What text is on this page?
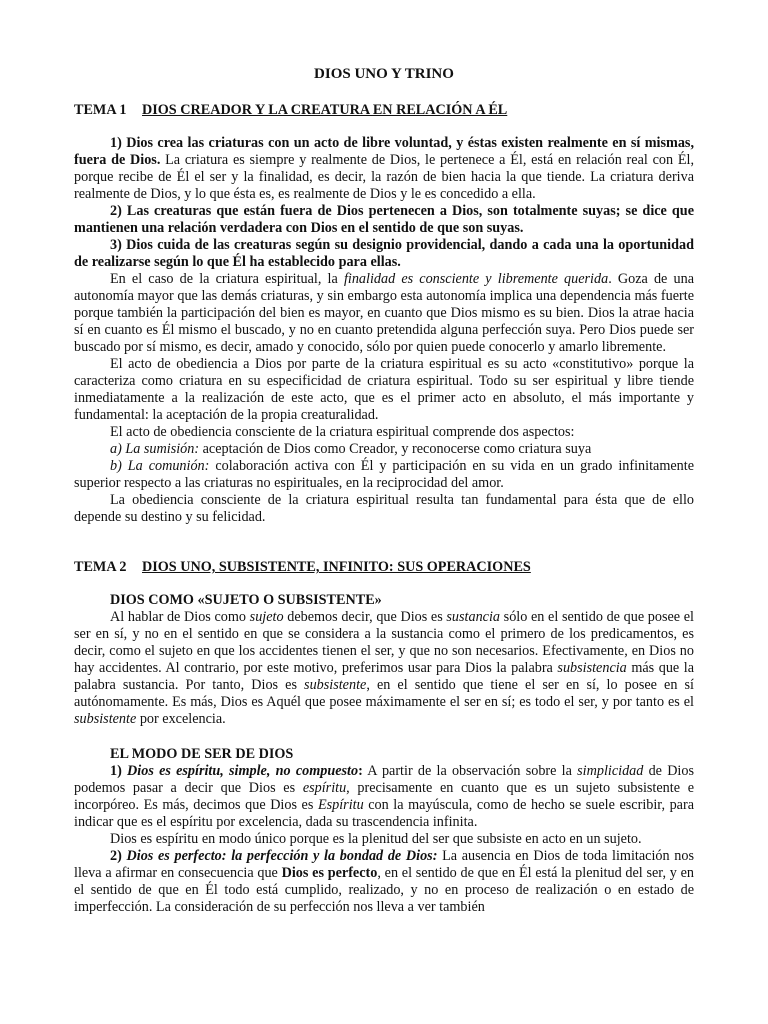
DIOS UNO Y TRINO
TEMA 1 DIOS CREADOR Y LA CREATURA EN RELACIÓN A ÉL

1) Dios crea las criaturas con un acto de libre voluntad, y éstas existen realmente en sí mismas, fuera de Dios. La criatura es siempre y realmente de Dios, le pertenece a Él, está en relación real con Él, porque recibe de Él el ser y la finalidad, es decir, la razón de bien hacia la que tiende. La criatura deriva realmente de Dios, y lo que ésta es, es realmente de Dios y le es concedido a ella.

2) Las creaturas que están fuera de Dios pertenecen a Dios, son totalmente suyas; se dice que mantienen una relación verdadera con Dios en el sentido de que son suyas.

3) Dios cuida de las creaturas según su designio providencial, dando a cada una la oportunidad de realizarse según lo que Él ha establecido para ellas.

En el caso de la criatura espiritual, la finalidad es consciente y libremente querida. Goza de una autonomía mayor que las demás criaturas, y sin embargo esta autonomía implica una dependencia más fuerte porque también la participación del bien es mayor, en cuanto que Dios mismo es su bien. Dios la atrae hacia sí en cuanto es Él mismo el buscado, y no en cuanto pretendida alguna perfección suya. Pero Dios puede ser buscado por sí mismo, es decir, amado y conocido, sólo por quien puede conocerlo y amarlo libremente.

El acto de obediencia a Dios por parte de la criatura espiritual es su acto «constitutivo» porque la caracteriza como criatura en su especificidad de criatura espiritual. Todo su ser espiritual y libre tiende inmediatamente a la realización de este acto, que es el primer acto en absoluto, el más importante y fundamental: la aceptación de la propia creaturalidad.

El acto de obediencia consciente de la criatura espiritual comprende dos aspectos:

a) La sumisión: aceptación de Dios como Creador, y reconocerse como criatura suya

b) La comunión: colaboración activa con Él y participación en su vida en un grado infinitamente superior respecto a las criaturas no espirituales, en la reciprocidad del amor.

La obediencia consciente de la criatura espiritual resulta tan fundamental para ésta que de ello depende su destino y su felicidad.

TEMA 2 DIOS UNO, SUBSISTENTE, INFINITO: SUS OPERACIONES
DIOS COMO «SUJETO O SUBSISTENTE»

Al hablar de Dios como sujeto debemos decir, que Dios es sustancia sólo en el sentido de que posee el ser en sí, y no en el sentido en que se considera a la sustancia como el primero de los predicamentos, es decir, como el sujeto en que los accidentes tienen el ser, y que no son necesarios. Efectivamente, en Dios no hay accidentes. Al contrario, por este motivo, preferimos usar para Dios la palabra subsistencia más que la palabra sustancia. Por tanto, Dios es subsistente, en el sentido que tiene el ser en sí, lo posee en sí autónomamente. Es más, Dios es Aquél que posee máximamente el ser en sí; es todo el ser, y por tanto es el subsistente por excelencia.

EL MODO DE SER DE DIOS

1) Dios es espíritu, simple, no compuesto: A partir de la observación sobre la simplicidad de Dios podemos pasar a decir que Dios es espíritu, precisamente en cuanto que es un sujeto subsistente e incorpóreo. Es más, decimos que Dios es Espíritu con la mayúscula, como de hecho se suele escribir, para indicar que es el espíritu por excelencia, dada su trascendencia infinita.

Dios es espíritu en modo único porque es la plenitud del ser que subsiste en acto en un sujeto.

2) Dios es perfecto: la perfección y la bondad de Dios: La ausencia en Dios de toda limitación nos lleva a afirmar en consecuencia que Dios es perfecto, en el sentido de que en Él está la plenitud del ser, y en el sentido de que en Él todo está cumplido, realizado, y no en proceso de realización o en estado de imperfección. La consideración de su perfección nos lleva a ver también
